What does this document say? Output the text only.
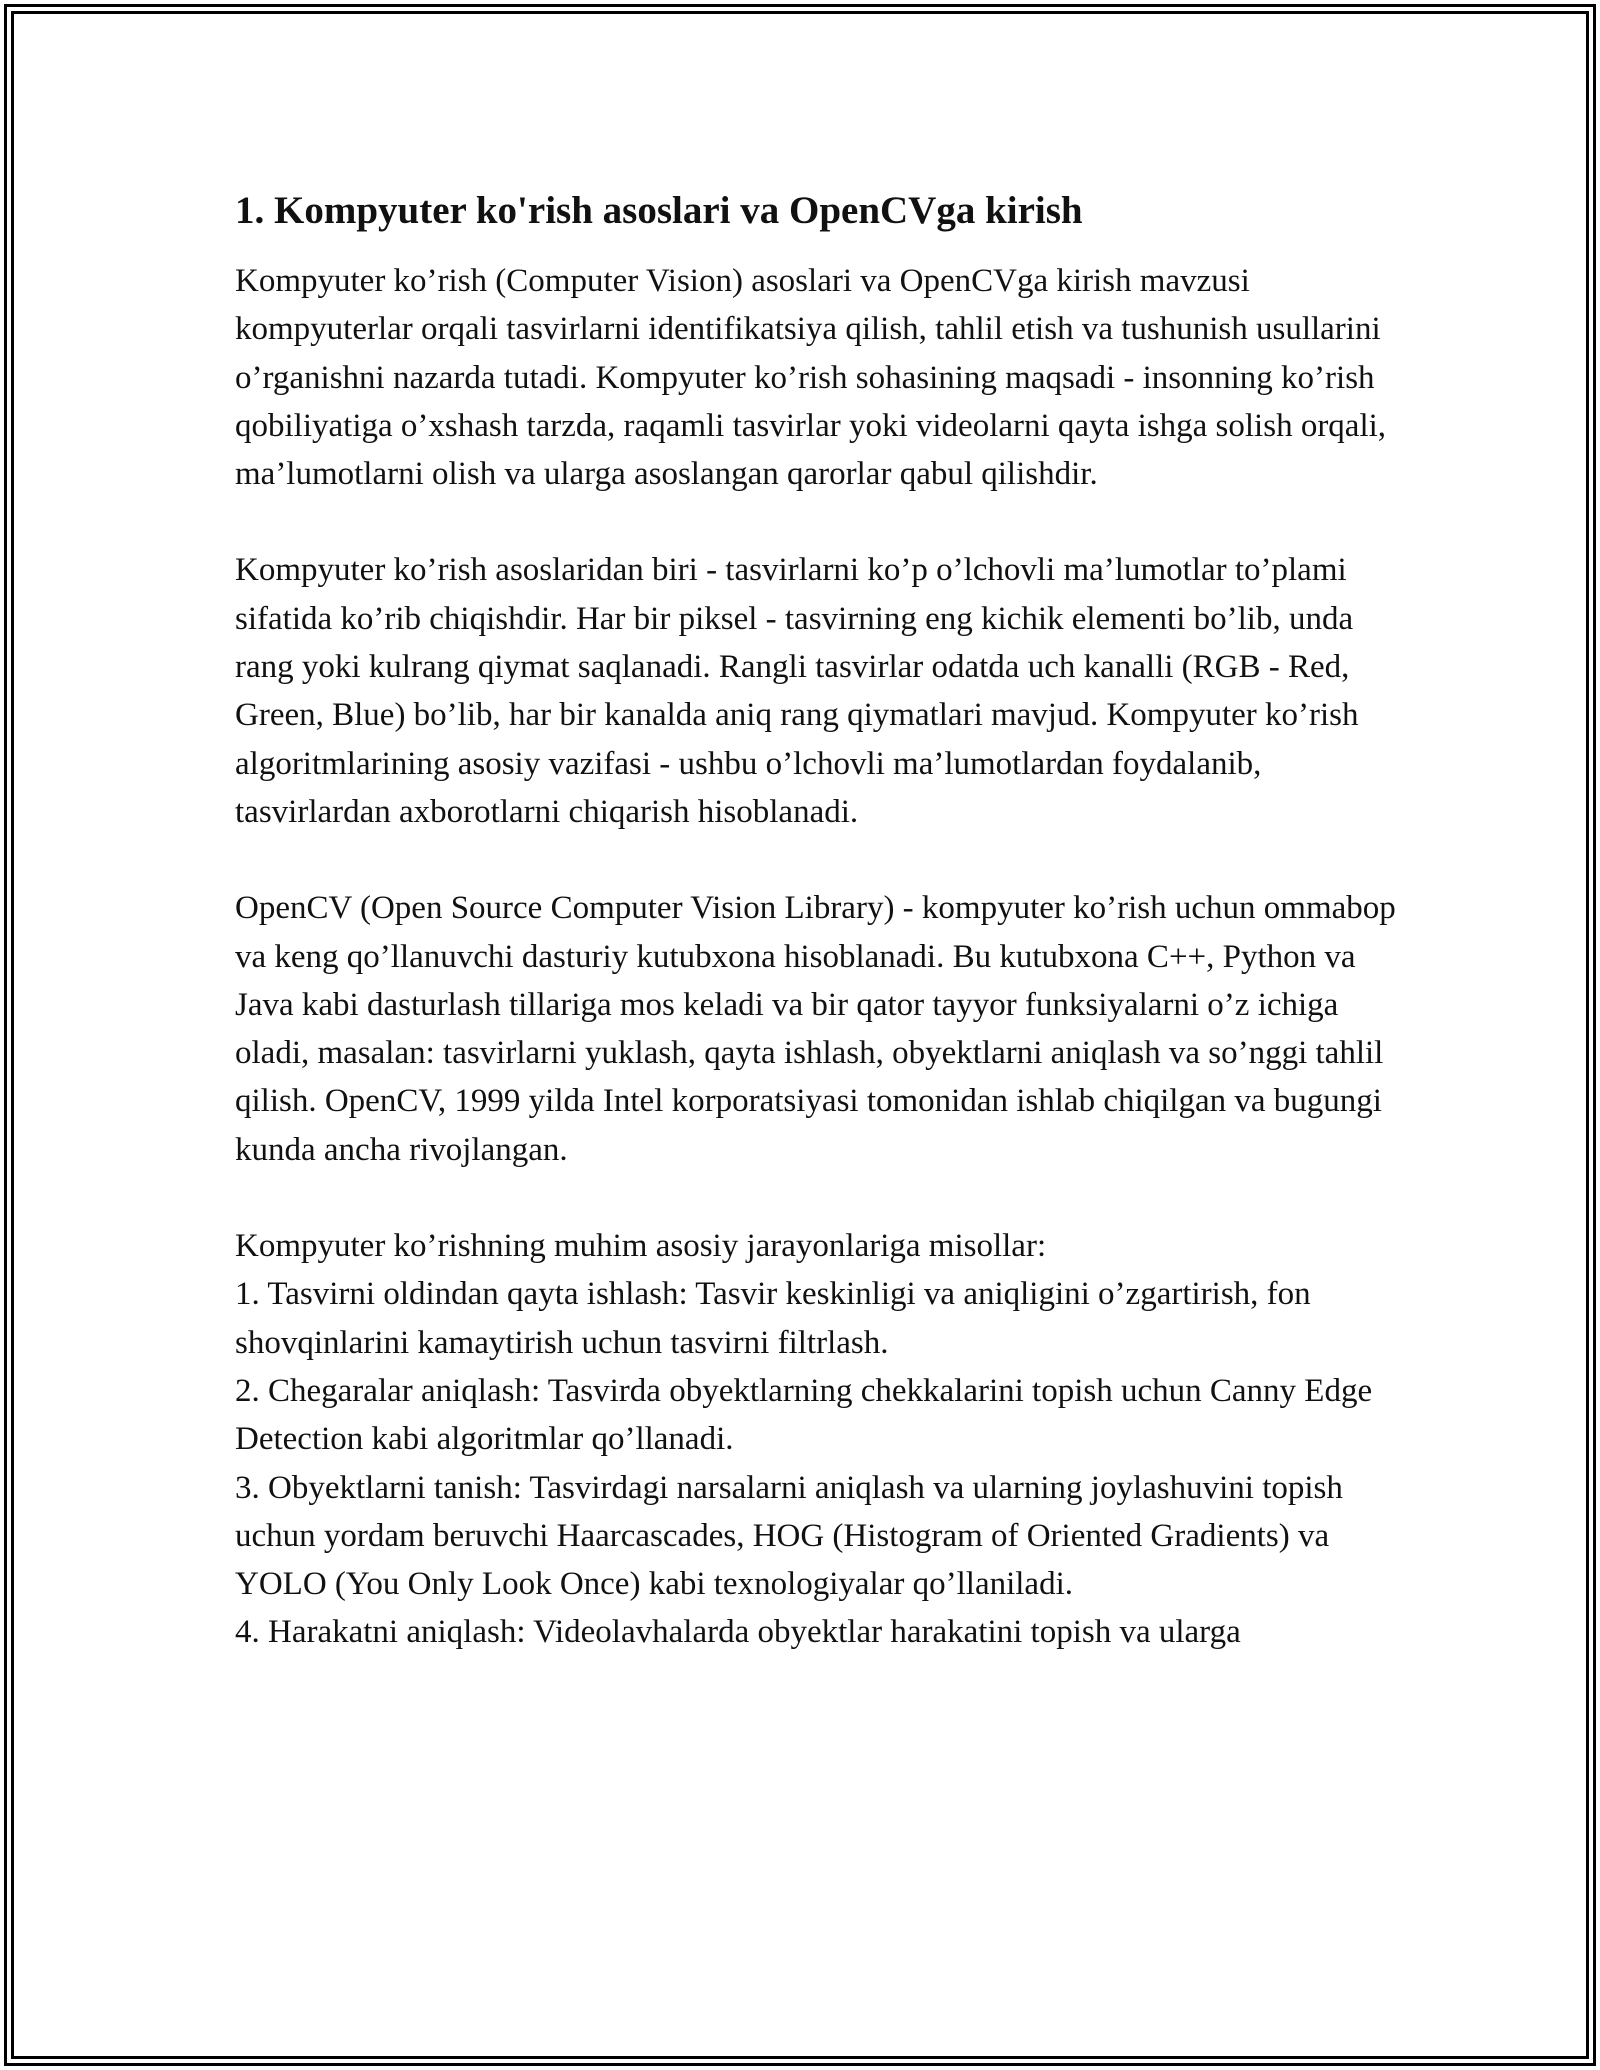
1. Kompyuter ko'rish asoslari va OpenCVga kirish

Kompyuter ko’rish (Computer Vision) asoslari va OpenCVga kirish mavzusi kompyuterlar orqali tasvirlarni identifikatsiya qilish, tahlil etish va tushunish usullarini o’rganishni nazarda tutadi. Kompyuter ko’rish sohasining maqsadi - insonning ko’rish qobiliyatiga o’xshash tarzda, raqamli tasvirlar yoki videolarni qayta ishga solish orqali, ma’lumotlarni olish va ularga asoslangan qarorlar qabul qilishdir.

Kompyuter ko’rish asoslaridan biri - tasvirlarni ko’p o’lchovli ma’lumotlar to’plami sifatida ko’rib chiqishdir. Har bir piksel - tasvirning eng kichik elementi bo’lib, unda rang yoki kulrang qiymat saqlanadi. Rangli tasvirlar odatda uch kanalli (RGB - Red, Green, Blue) bo’lib, har bir kanalda aniq rang qiymatlari mavjud. Kompyuter ko’rish algoritmlarining asosiy vazifasi - ushbu o’lchovli ma’lumotlardan foydalanib, tasvirlardan axborotlarni chiqarish hisoblanadi.

OpenCV (Open Source Computer Vision Library) - kompyuter ko’rish uchun ommabop va keng qo’llanuvchi dasturiy kutubxona hisoblanadi. Bu kutubxona C++, Python va Java kabi dasturlash tillariga mos keladi va bir qator tayyor funksiyalarni o’z ichiga oladi, masalan: tasvirlarni yuklash, qayta ishlash, obyektlarni aniqlash va so’nggi tahlil qilish. OpenCV, 1999 yilda Intel korporatsiyasi tomonidan ishlab chiqilgan va bugungi kunda ancha rivojlangan.

Kompyuter ko’rishning muhim asosiy jarayonlariga misollar:

1. Tasvirni oldindan qayta ishlash: Tasvir keskinligi va aniqligini o’zgartirish, fon shovqinlarini kamaytirish uchun tasvirni filtrlash.

2. Chegaralar aniqlash: Tasvirda obyektlarning chekkalarini topish uchun Canny Edge Detection kabi algoritmlar qo’llanadi.

3. Obyektlarni tanish: Tasvirdagi narsalarni aniqlash va ularning joylashuvini topish uchun yordam beruvchi Haarcascades, HOG (Histogram of Oriented Gradients) va YOLO (You Only Look Once) kabi texnologiyalar qo’llaniladi.

4. Harakatni aniqlash: Videolavhalarda obyektlar harakatini topish va ularga
